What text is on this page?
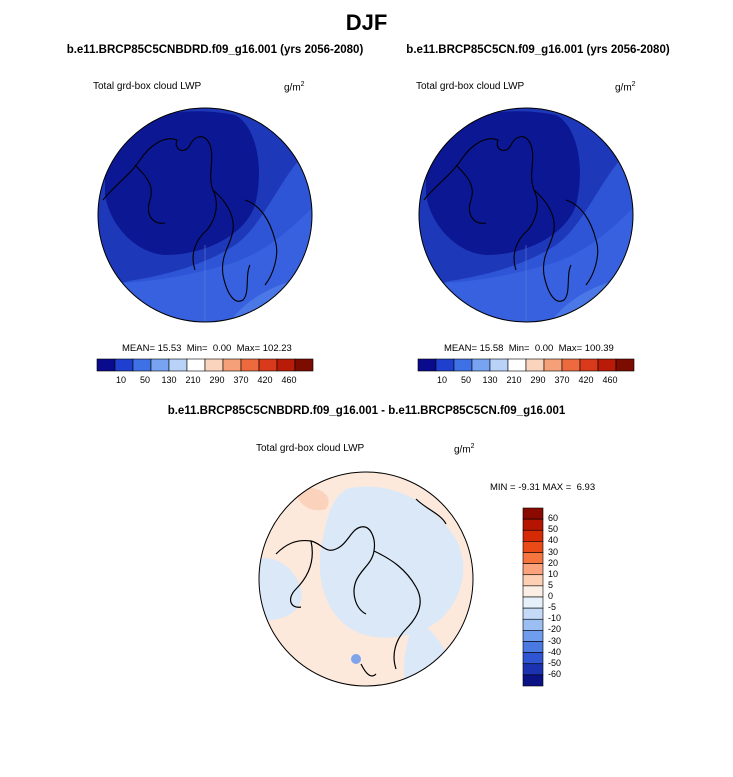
DJF
b.e11.BRCP85C5CNBDRD.f09_g16.001 (yrs 2056-2080)
Total grd-box cloud LWP	$g/m^2$
MEAN= 15.53 Min= 0.00 Max= 102.23
10 50 130 210 290 370 420 460
b.e11.BRCP85C5CN.f09_g16.001 (yrs 2056-2080)
Total grd-box cloud LWP	$g/m^2$
MEAN= 15.58 Min= 0.00 Max= 100.39
10 50 130 210 290 370 420 460
b.e11.BRCP85C5CNBDRD.f09_g16.001 - b.e11.BRCP85C5CN.f09_g16.001
Total grd-box cloud LWP	$g/m^2$
MIN = -9.31 MAX = 6.93
60
50
40
30
20
10
5
0
-5
-10
-20
-30
-40
-50
-60
